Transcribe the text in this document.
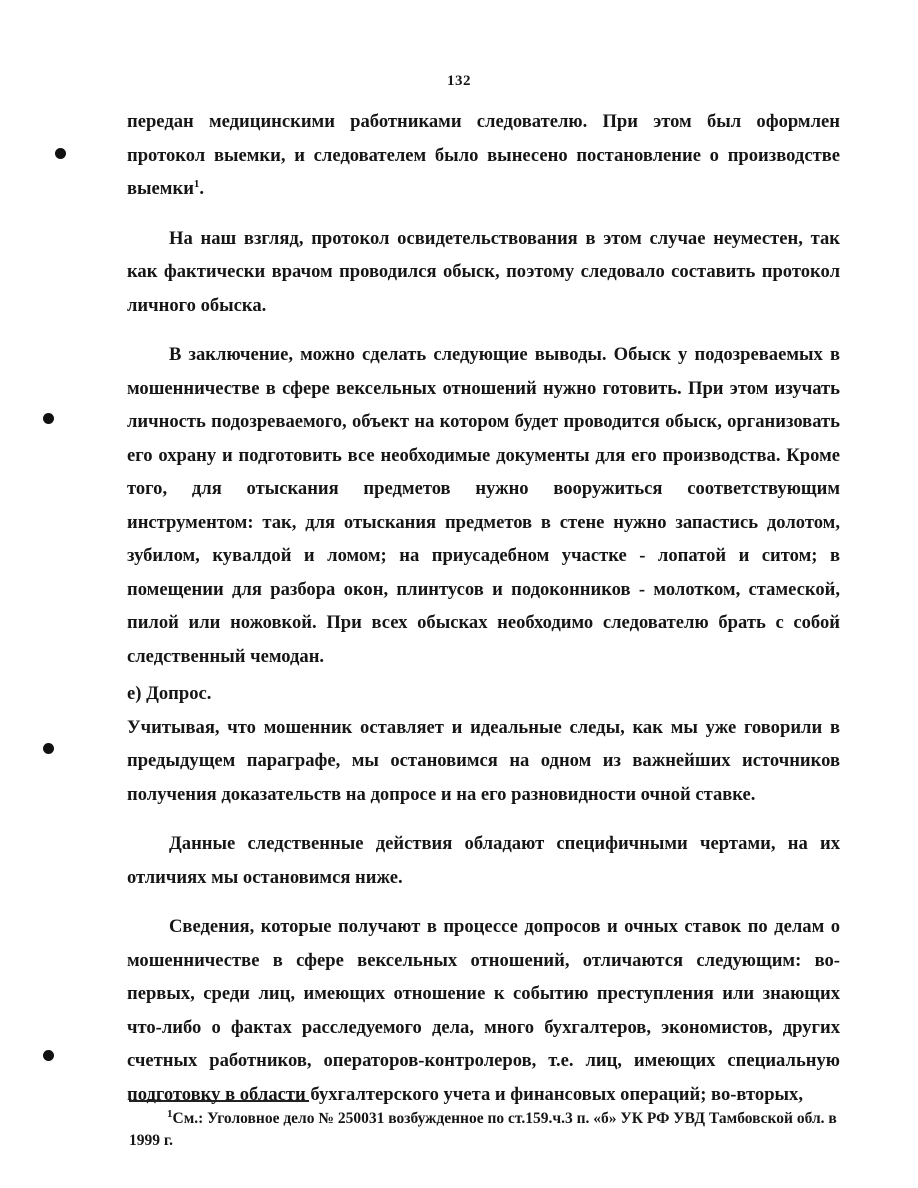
132

передан медицинскими работниками следователю. При этом был оформлен протокол выемки, и следователем было вынесено постановление о производстве выемки$^1$.

На наш взгляд, протокол освидетельствования в этом случае неуместен, так как фактически врачом проводился обыск, поэтому следовало составить протокол личного обыска.

В заключение, можно сделать следующие выводы. Обыск у подозреваемых в мошенничестве в сфере вексельных отношений нужно готовить. При этом изучать личность подозреваемого, объект на котором будет проводится обыск, организовать его охрану и подготовить все необходимые документы для его производства. Кроме того, для отыскания предметов нужно вооружиться соответствующим инструментом: так, для отыскания предметов в стене нужно запастись долотом, зубилом, кувалдой и ломом; на приусадебном участке - лопатой и ситом; в помещении для разбора окон, плинтусов и подоконников - молотком, стамеской, пилой или ножовкой. При всех обысках необходимо следователю брать с собой следственный чемодан.

е) Допрос.

Учитывая, что мошенник оставляет и идеальные следы, как мы уже говорили в предыдущем параграфе, мы остановимся на одном из важнейших источников получения доказательств на допросе и на его разновидности очной ставке.

Данные следственные действия обладают специфичными чертами, на их отличиях мы остановимся ниже.

Сведения, которые получают в процессе допросов и очных ставок по делам о мошенничестве в сфере вексельных отношений, отличаются следующим: во-первых, среди лиц, имеющих отношение к событию преступления или знающих что-либо о фактах расследуемого дела, много бухгалтеров, экономистов, других счетных работников, операторов-контролеров, т.е. лиц, имеющих специальную подготовку в области бухгалтерского учета и финансовых операций; во-вторых,

$^1$См.: Уголовное дело № 250031 возбужденное по ст.159.ч.3 п. «б» УК РФ УВД Тамбовской обл. в 1999 г.
